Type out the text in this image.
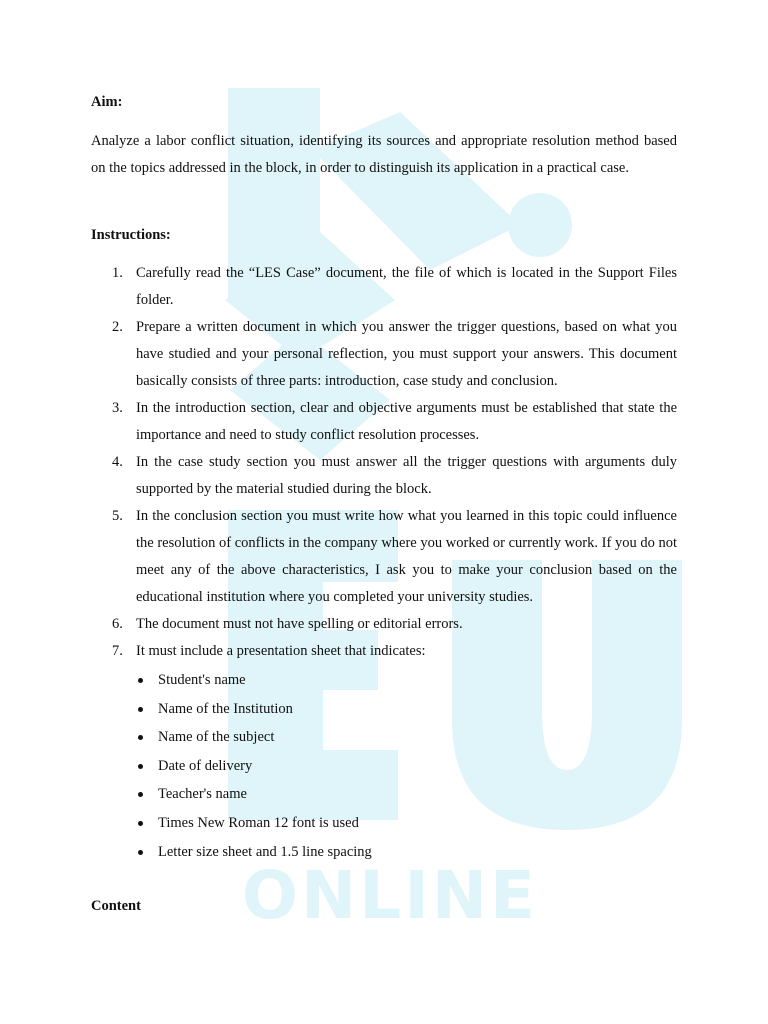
ONLINE
Aim:
Analyze a labor conflict situation, identifying its sources and appropriate resolution method based on the topics addressed in the block, in order to distinguish its application in a practical case.
Instructions:
1. Carefully read the “LES Case” document, the file of which is located in the Support Files folder.
2. Prepare a written document in which you answer the trigger questions, based on what you have studied and your personal reflection, you must support your answers. This document basically consists of three parts: introduction, case study and conclusion.
3. In the introduction section, clear and objective arguments must be established that state the importance and need to study conflict resolution processes.
4. In the case study section you must answer all the trigger questions with arguments duly supported by the material studied during the block.
5. In the conclusion section you must write how what you learned in this topic could influence the resolution of conflicts in the company where you worked or currently work. If you do not meet any of the above characteristics, I ask you to make your conclusion based on the educational institution where you completed your university studies.
6. The document must not have spelling or editorial errors.
7. It must include a presentation sheet that indicates:
Student's name
Name of the Institution
Name of the subject
Date of delivery
Teacher's name
Times New Roman 12 font is used
Letter size sheet and 1.5 line spacing
Content
